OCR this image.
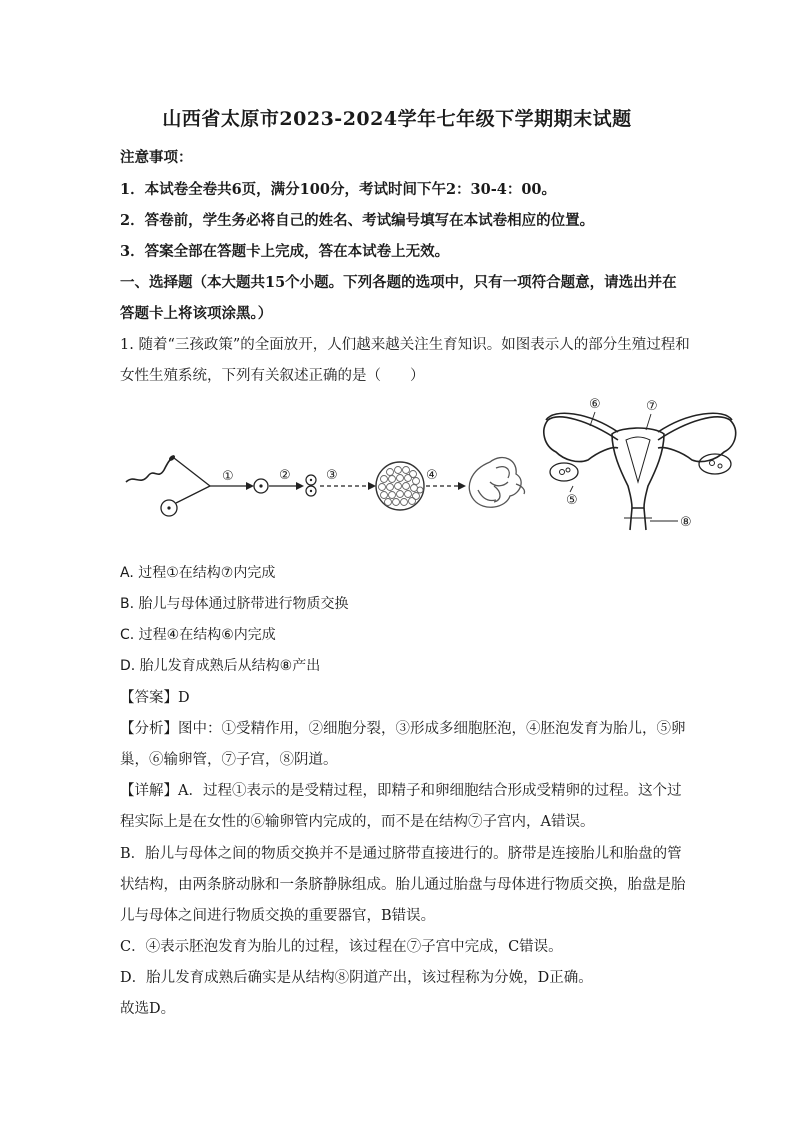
山西省太原市2023-2024学年七年级下学期期末试题
注意事项：
1．本试卷全卷共6页，满分100分，考试时间下午2：30-4：00。
2．答卷前，学生务必将自己的姓名、考试编号填写在本试卷相应的位置。
3．答案全部在答题卡上完成，答在本试卷上无效。
一、选择题（本大题共15个小题。下列各题的选项中，只有一项符合题意，请选出并在
答题卡上将该项涂黑。）
1. 随着“三孩政策”的全面放开，人们越来越关注生育知识。如图表示人的部分生殖过程和
女性生殖系统，下列有关叙述正确的是（　　）
①	②	③	④
⑥	⑦
⑤
⑧
A. 过程①在结构⑦内完成
B. 胎儿与母体通过脐带进行物质交换
C. 过程④在结构⑥内完成
D. 胎儿发育成熟后从结构⑧产出
【答案】D
【分析】图中：①受精作用，②细胞分裂，③形成多细胞胚泡，④胚泡发育为胎儿，⑤卵
巢，⑥输卵管，⑦子宫，⑧阴道。
【详解】A．过程①表示的是受精过程，即精子和卵细胞结合形成受精卵的过程。这个过
程实际上是在女性的⑥输卵管内完成的，而不是在结构⑦子宫内，A错误。
B．胎儿与母体之间的物质交换并不是通过脐带直接进行的。脐带是连接胎儿和胎盘的管
状结构，由两条脐动脉和一条脐静脉组成。胎儿通过胎盘与母体进行物质交换，胎盘是胎
儿与母体之间进行物质交换的重要器官，B错误。
C．④表示胚泡发育为胎儿的过程，该过程在⑦子宫中完成，C错误。
D．胎儿发育成熟后确实是从结构⑧阴道产出，该过程称为分娩，D正确。
故选D。
